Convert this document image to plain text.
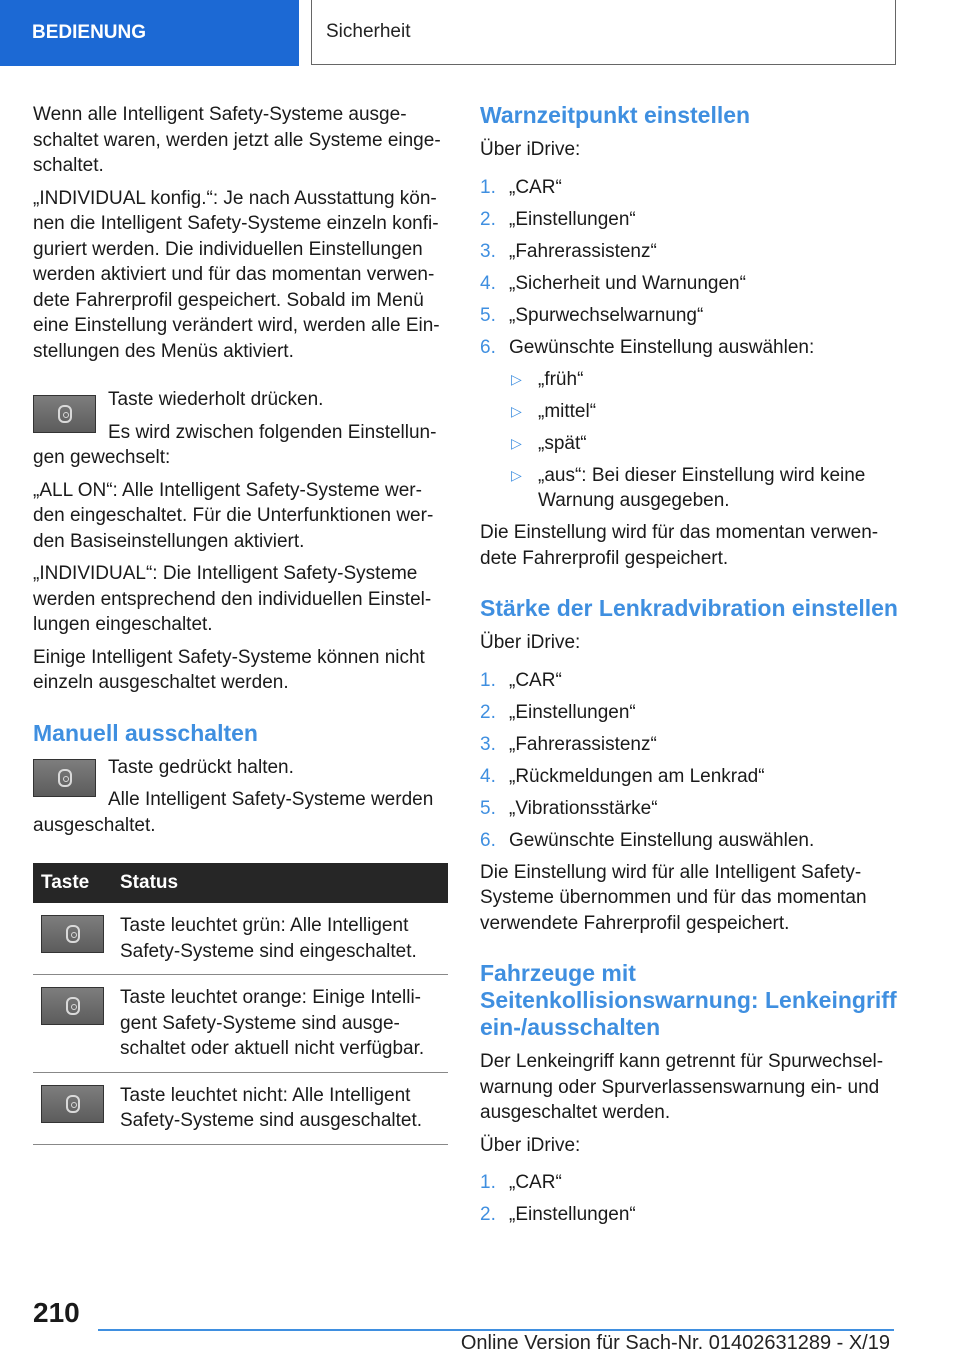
BEDIENUNG	Sicherheit

Wenn alle Intelligent Safety-Systeme ausge-schaltet waren, werden jetzt alle Systeme einge-schaltet.

„INDIVIDUAL konfig.“: Je nach Ausstattung kön-nen die Intelligent Safety-Systeme einzeln konfi-guriert werden. Die individuellen Einstellungen werden aktiviert und für das momentan verwen-dete Fahrerprofil gespeichert. Sobald im Menü eine Einstellung verändert wird, werden alle Ein-stellungen des Menüs aktiviert.

Taste wiederholt drücken.

Es wird zwischen folgenden Einstellun-gen gewechselt:

„ALL ON“: Alle Intelligent Safety-Systeme wer-den eingeschaltet. Für die Unterfunktionen wer-den Basiseinstellungen aktiviert.

„INDIVIDUAL“: Die Intelligent Safety-Systeme werden entsprechend den individuellen Einstel-lungen eingeschaltet.

Einige Intelligent Safety-Systeme können nicht einzeln ausgeschaltet werden.

Manuell ausschalten

Taste gedrückt halten.

Alle Intelligent Safety-Systeme werden ausgeschaltet.

Taste	Status

	Taste leuchtet grün: Alle Intelligent Safety-Systeme sind eingeschaltet.

	Taste leuchtet orange: Einige Intelli-gent Safety-Systeme sind ausge-schaltet oder aktuell nicht verfügbar.

	Taste leuchtet nicht: Alle Intelligent Safety-Systeme sind ausgeschaltet.
Warnzeitpunkt einstellen

Über iDrive:

1. „CAR“
2. „Einstellungen“
3. „Fahrerassistenz“
4. „Sicherheit und Warnungen“
5. „Spurwechselwarnung“
6. Gewünschte Einstellung auswählen:
▷ „früh“
▷ „mittel“
▷ „spät“
▷ „aus“: Bei dieser Einstellung wird keine Warnung ausgegeben.

Die Einstellung wird für das momentan verwen-dete Fahrerprofil gespeichert.

Stärke der Lenkradvibration einstellen

Über iDrive:

1. „CAR“
2. „Einstellungen“
3. „Fahrerassistenz“
4. „Rückmeldungen am Lenkrad“
5. „Vibrationsstärke“
6. Gewünschte Einstellung auswählen.

Die Einstellung wird für alle Intelligent Safety-Systeme übernommen und für das momentan verwendete Fahrerprofil gespeichert.

Fahrzeuge mit Seitenkollisionswarnung: Lenkeingriff ein-/ausschalten

Der Lenkeingriff kann getrennt für Spurwechsel-warnung oder Spurverlassenswarnung ein- und ausgeschaltet werden.

Über iDrive:

1. „CAR“
2. „Einstellungen“
210
Online Version für Sach-Nr. 01402631289 - X/19
